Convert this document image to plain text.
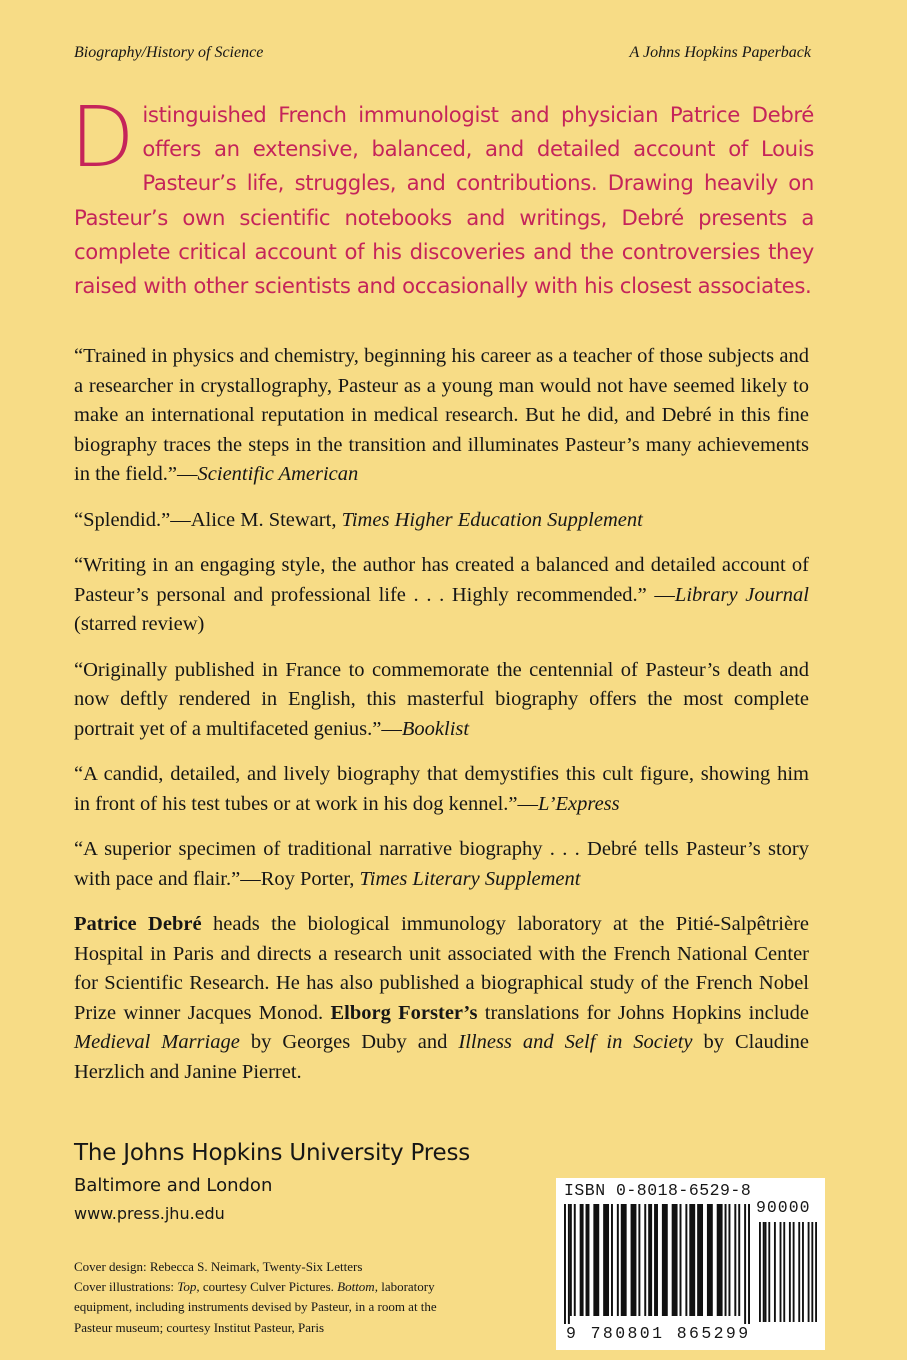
Biography/History of Science	A Johns Hopkins Paperback
Distinguished French immunologist and physician Patrice Debré offers an extensive, balanced, and detailed account of Louis Pasteur’s life, struggles, and contributions. Drawing heavily on Pasteur’s own scientific notebooks and writings, Debré presents a complete critical account of his discoveries and the controversies they raised with other scientists and occasionally with his closest associates.

“Trained in physics and chemistry, beginning his career as a teacher of those subjects and a researcher in crystallography, Pasteur as a young man would not have seemed likely to make an international reputation in medical research. But he did, and Debré in this fine biography traces the steps in the transition and illuminates Pasteur’s many achievements in the field.”—Scientific American

“Splendid.”—Alice M. Stewart, Times Higher Education Supplement

“Writing in an engaging style, the author has created a balanced and detailed account of Pasteur’s personal and professional life . . . Highly recommended.” —Library Journal (starred review)

“Originally published in France to commemorate the centennial of Pasteur’s death and now deftly rendered in English, this masterful biography offers the most complete portrait yet of a multifaceted genius.”—Booklist

“A candid, detailed, and lively biography that demystifies this cult figure, showing him in front of his test tubes or at work in his dog kennel.”—L’Express

“A superior specimen of traditional narrative biography . . . Debré tells Pasteur’s story with pace and flair.”—Roy Porter, Times Literary Supplement

Patrice Debré heads the biological immunology laboratory at the Pitié-Salpêtrière Hospital in Paris and directs a research unit associated with the French National Center for Scientific Research. He has also published a biographical study of the French Nobel Prize winner Jacques Monod. Elborg Forster’s translations for Johns Hopkins include Medieval Marriage by Georges Duby and Illness and Self in Society by Claudine Herzlich and Janine Pierret.

The Johns Hopkins University Press
Baltimore and London
www.press.jhu.edu
Cover design: Rebecca S. Neimark, Twenty-Six Letters
Cover illustrations: Top, courtesy Culver Pictures. Bottom, laboratory equipment, including instruments devised by Pasteur, in a room at the Pasteur museum; courtesy Institut Pasteur, Paris
ISBN 0-8018-6529-8
90000
9 780801 865299
